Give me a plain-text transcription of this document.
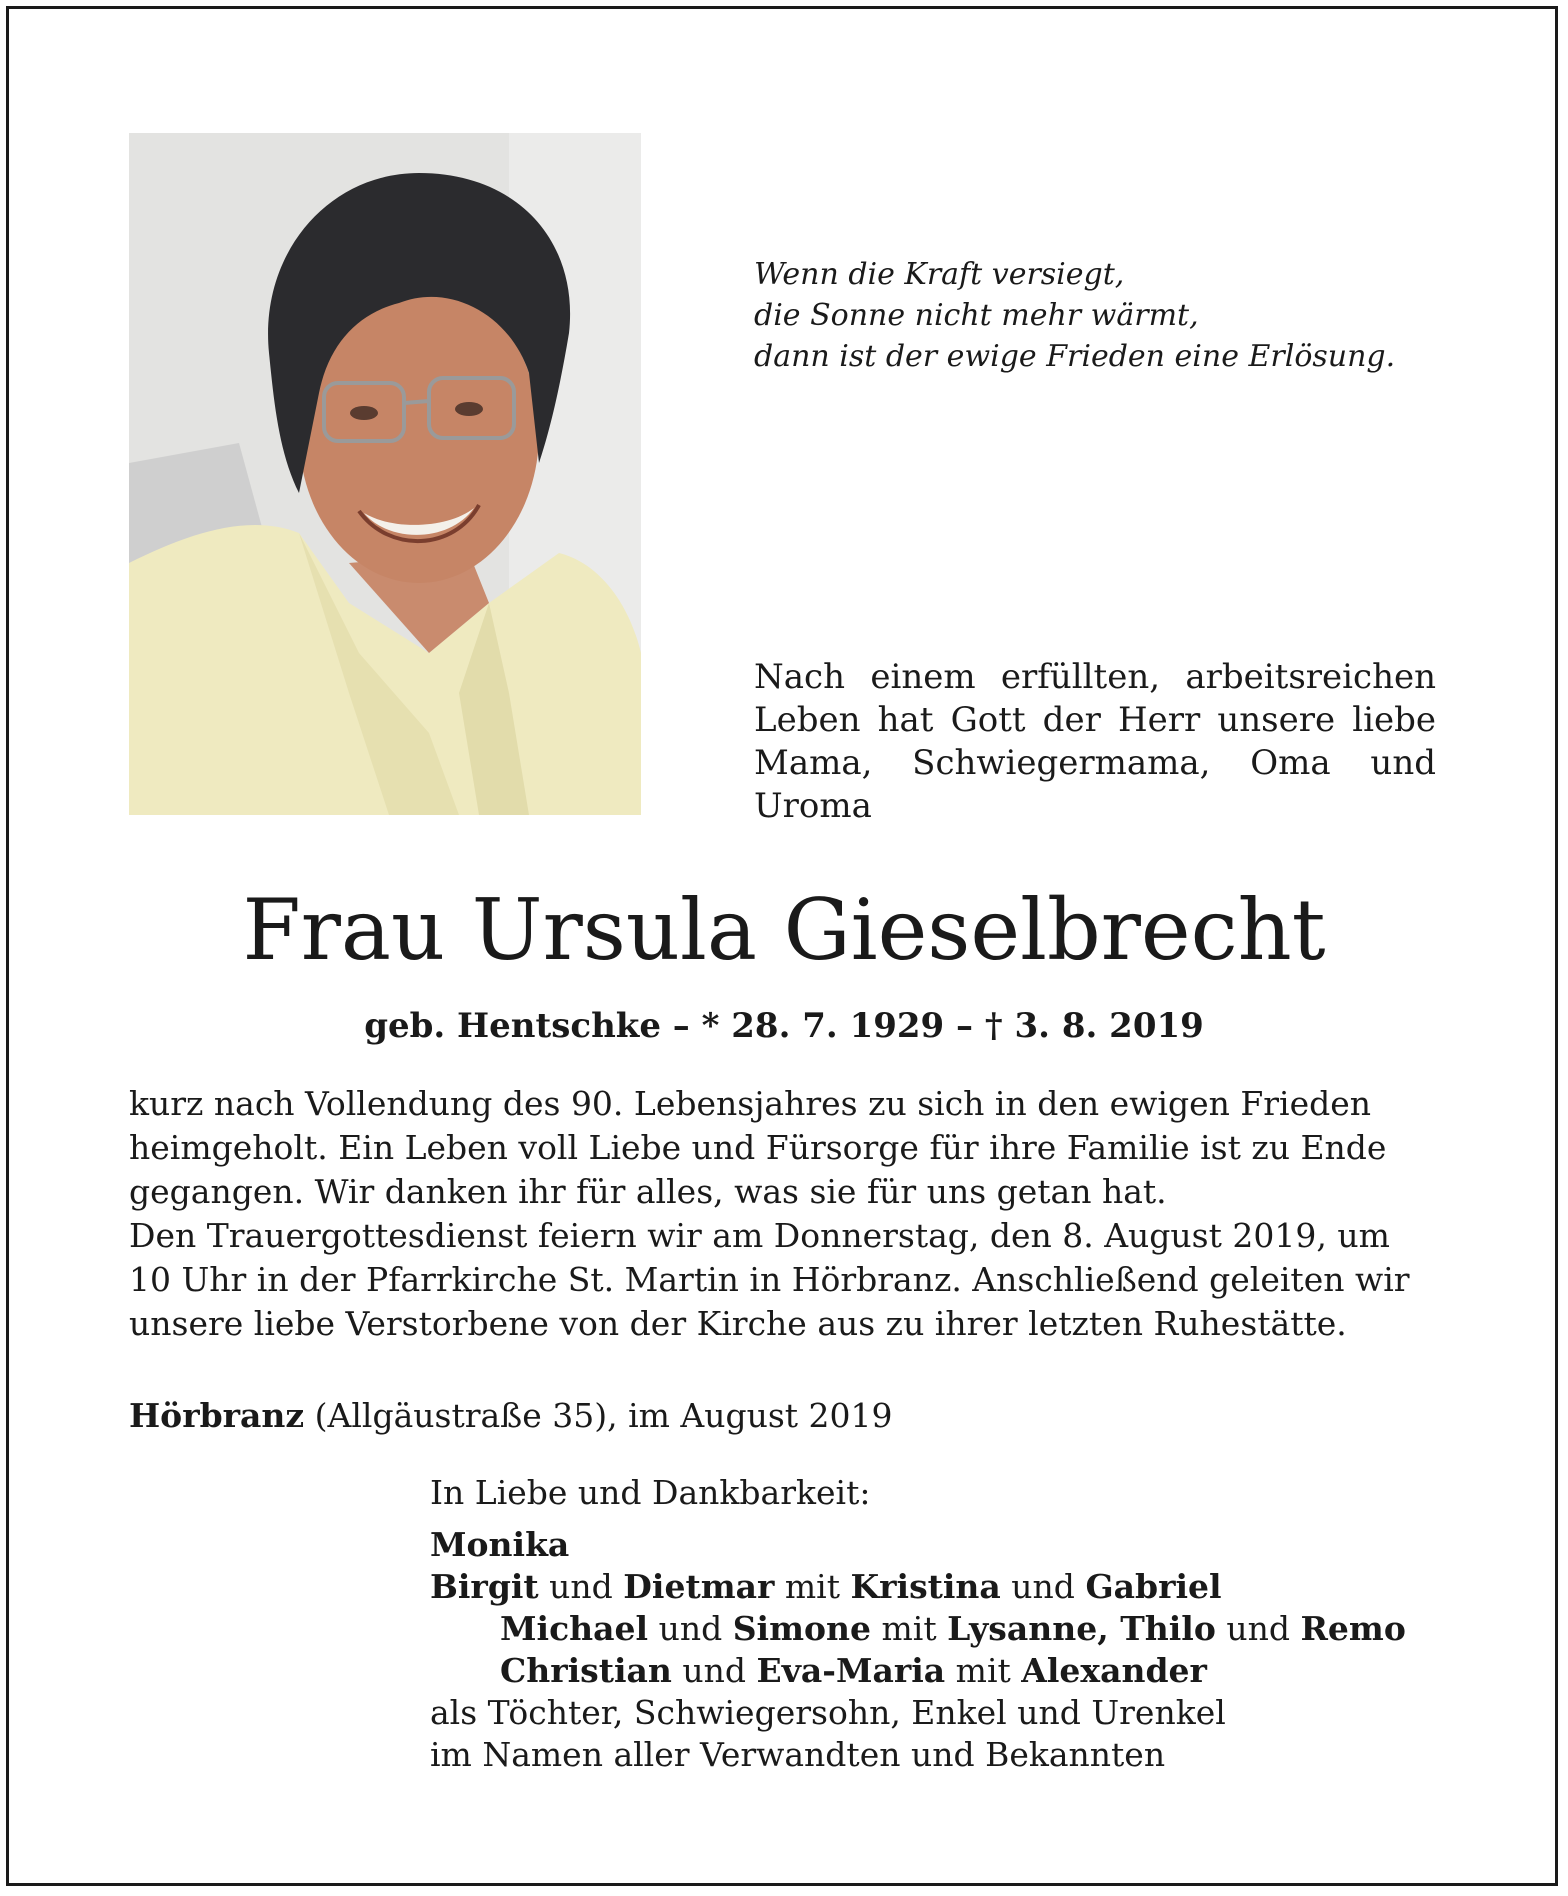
Wenn die Kraft versiegt,
die Sonne nicht mehr wärmt,
dann ist der ewige Frieden eine Erlösung.
Nach einem erfüllten, arbeitsreichen Leben hat Gott der Herr unsere liebe Mama, Schwiegermama, Oma und Uroma
Frau Ursula Gieselbrecht
geb. Hentschke – * 28. 7. 1929 – † 3. 8. 2019
kurz nach Vollendung des 90. Lebensjahres zu sich in den ewigen Frieden heimgeholt. Ein Leben voll Liebe und Fürsorge für ihre Familie ist zu Ende gegangen. Wir danken ihr für alles, was sie für uns getan hat.
Den Trauergottesdienst feiern wir am Donnerstag, den 8. August 2019, um 10 Uhr in der Pfarrkirche St. Martin in Hörbranz. Anschließend geleiten wir unsere liebe Verstorbene von der Kirche aus zu ihrer letzten Ruhestätte.
Hörbranz (Allgäustraße 35), im August 2019
In Liebe und Dankbarkeit:
Monika
Birgit und Dietmar mit Kristina und Gabriel
Michael und Simone mit Lysanne, Thilo und Remo
Christian und Eva-Maria mit Alexander
als Töchter, Schwiegersohn, Enkel und Urenkel
im Namen aller Verwandten und Bekannten
